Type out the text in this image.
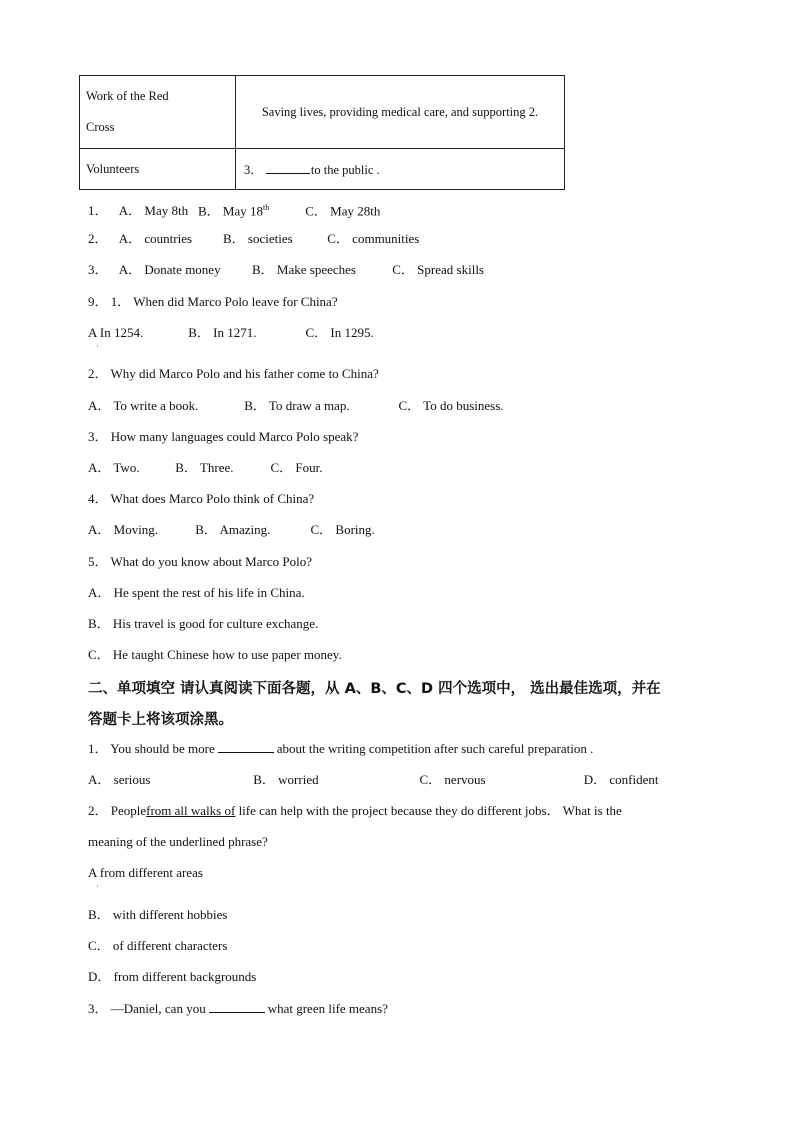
Work of the Red
Cross	Saving lives, providing medical care, and supporting 2.

Volunteers	3． to the public .
1． A． May 8th B． May 18th	C． May 28th
2． A． countries B． societies	C． communities
3． A． Donate money B． Make speeches	C． Spread skills
9． 1． When did Marco Polo leave for China?
A In 1254.	B． In 1271.	C． In 1295.
·
2． Why did Marco Polo and his father come to China?
A． To write a book.	B． To draw a map.	C． To do business.
3． How many languages could Marco Polo speak?
A． Two.	B． Three.	C． Four.
4． What does Marco Polo think of China?
A． Moving.	B． Amazing.	C． Boring.
5． What do you know about Marco Polo?
A． He spent the rest of his life in China.
B． His travel is good for culture exchange.
C． He taught Chinese how to use paper money.
二、单项填空 请认真阅读下面各题，从 A、B、C、D 四个选项中， 选出最佳选项，并在
答题卡上将该项涂黑。
1． You should be more	about the writing competition after such careful preparation .
A． serious	B． worried	C． nervous	D． confident
2． Peoplefrom all walks of life can help with the project because they do different jobs． What is the
meaning of the underlined phrase?
A from different areas
·
B． with different hobbies
C． of different characters
D． from different backgrounds
3． —Daniel, can you	what green life means?
